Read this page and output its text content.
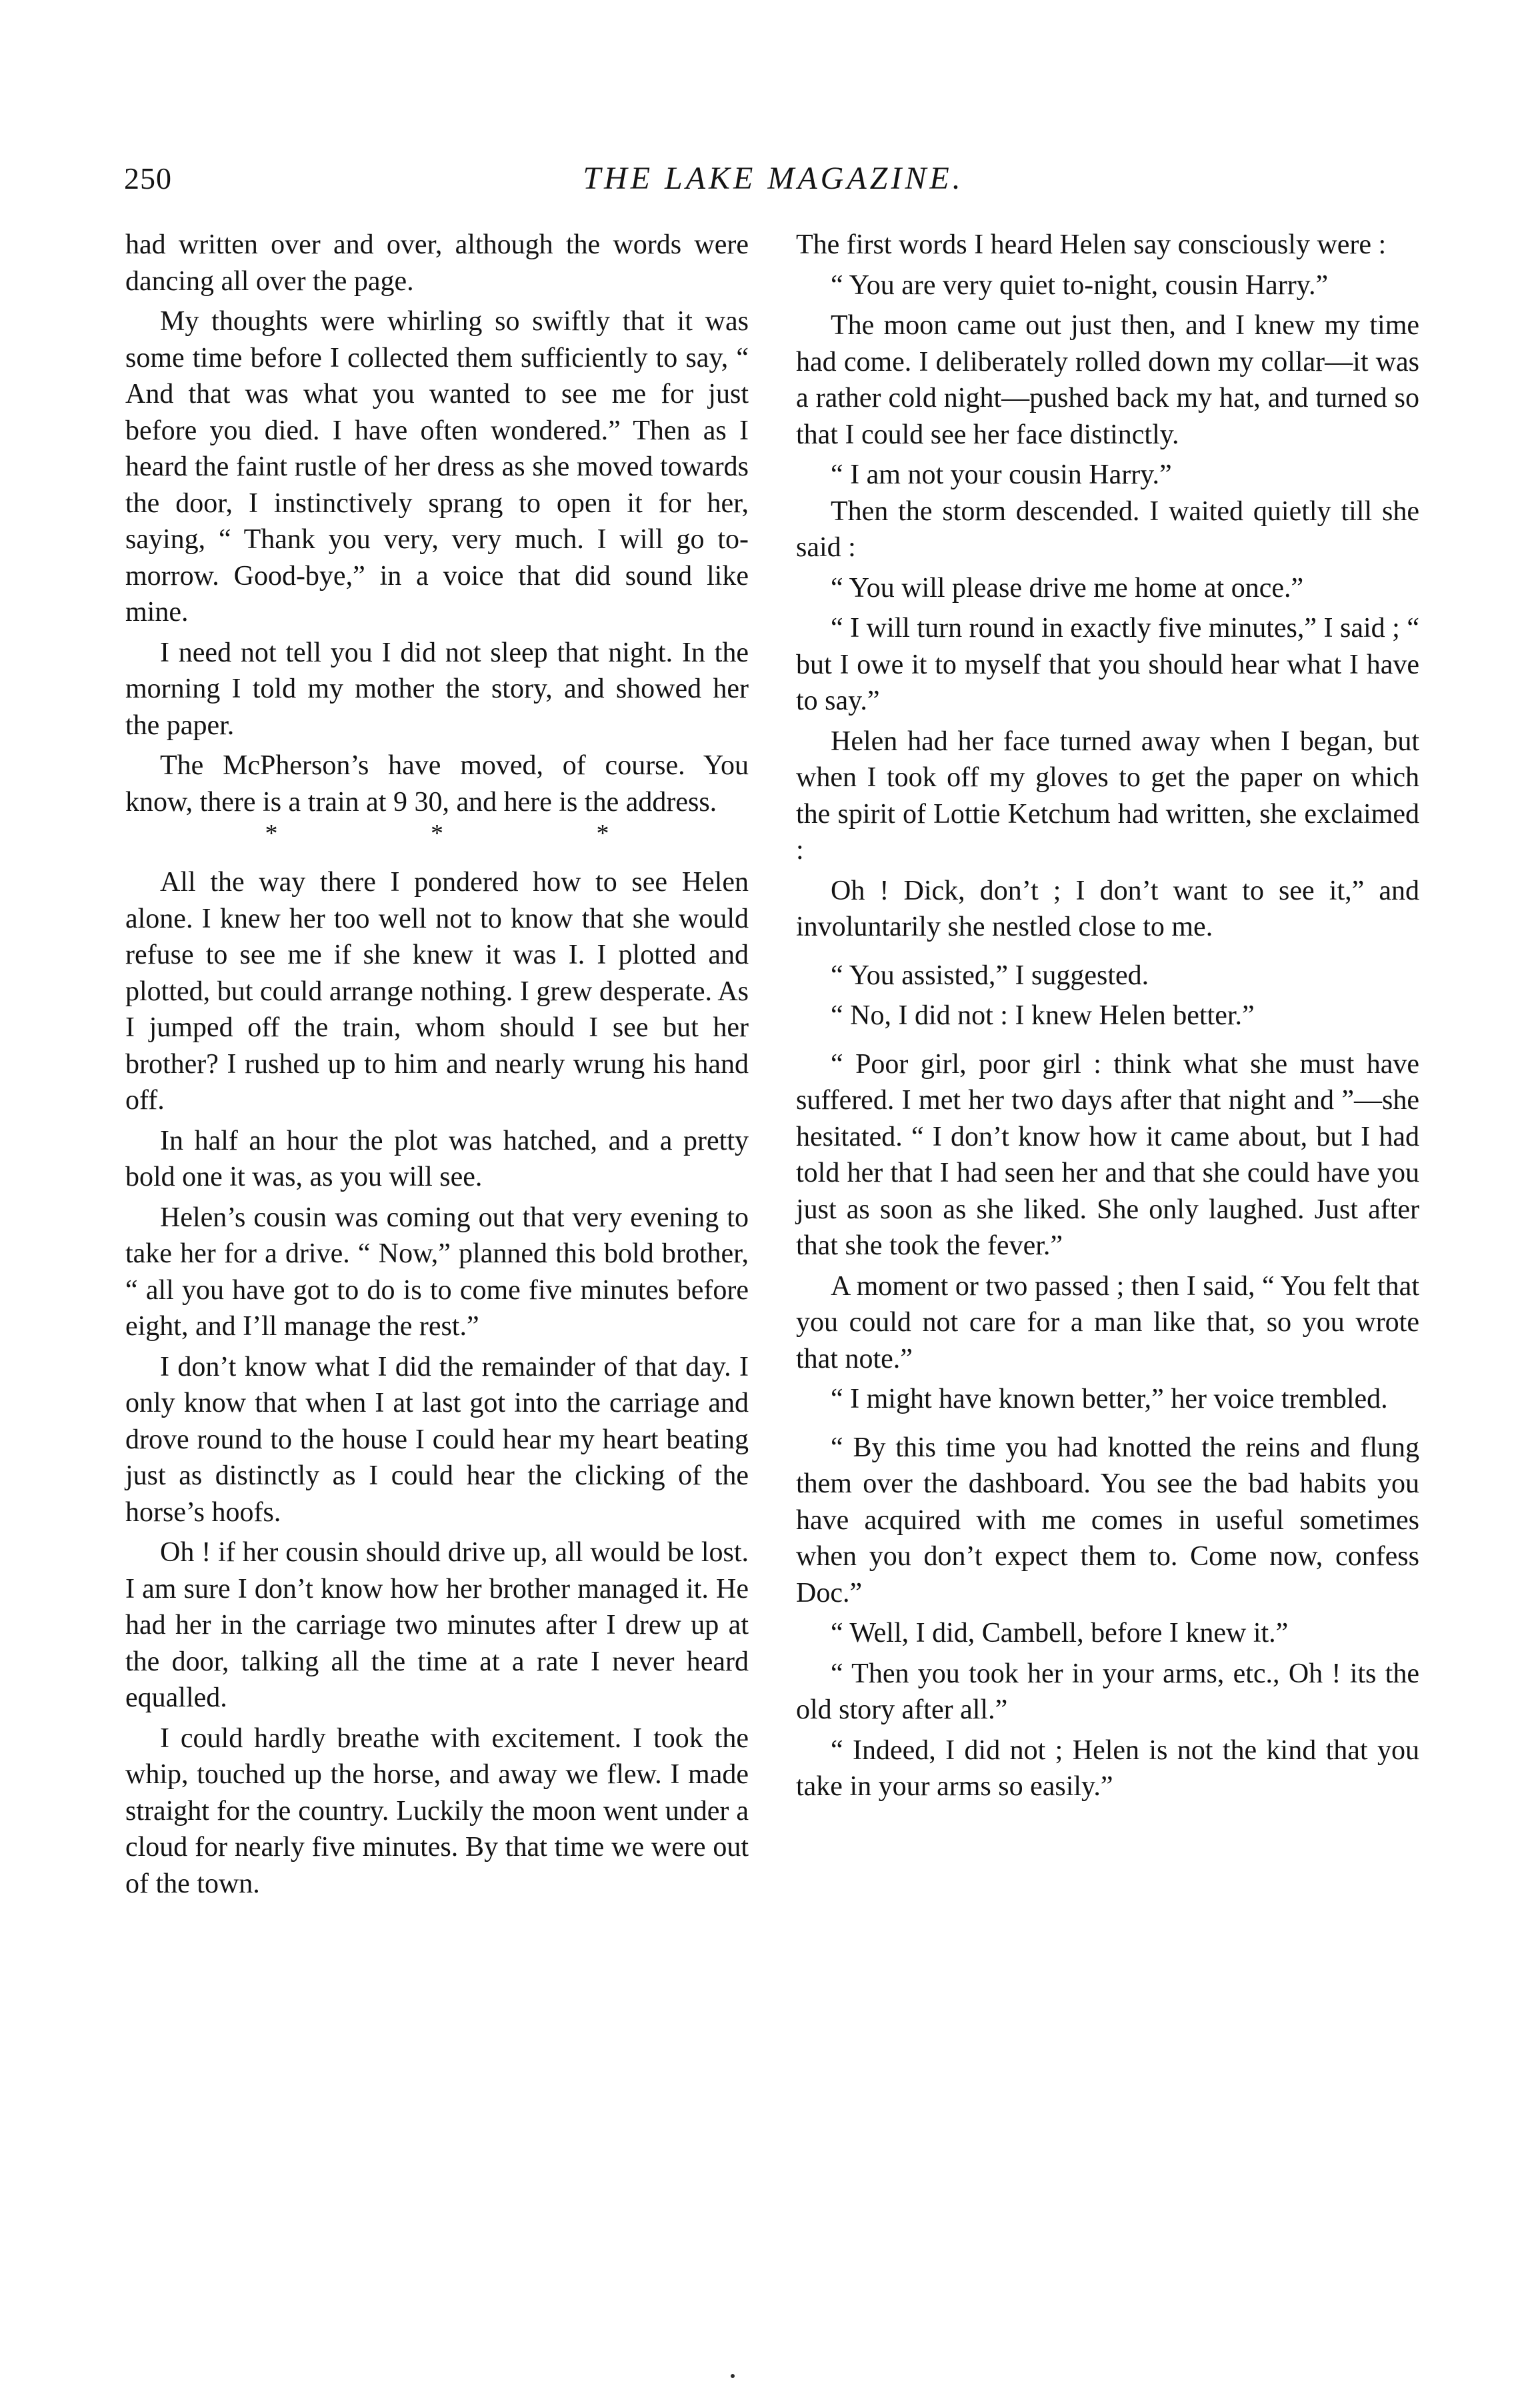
250	THE LAKE MAGAZINE.

had written over and over, although the words were dancing all over the page.

My thoughts were whirling so swiftly that it was some time before I collected them sufficiently to say, “ And that was what you wanted to see me for just before you died. I have often wondered.” Then as I heard the faint rustle of her dress as she moved towards the door, I instinctively sprang to open it for her, saying, “ Thank you very, very much. I will go to-morrow. Good-bye,” in a voice that did sound like mine.

I need not tell you I did not sleep that night. In the morning I told my mother the story, and showed her the paper.

The McPherson’s have moved, of course. You know, there is a train at 9 30, and here is the address.

* * *

All the way there I pondered how to see Helen alone. I knew her too well not to know that she would refuse to see me if she knew it was I. I plotted and plotted, but could arrange nothing. I grew desperate. As I jumped off the train, whom should I see but her brother? I rushed up to him and nearly wrung his hand off.

In half an hour the plot was hatched, and a pretty bold one it was, as you will see.

Helen’s cousin was coming out that very evening to take her for a drive. “ Now,” planned this bold brother, “ all you have got to do is to come five minutes before eight, and I’ll manage the rest.”

I don’t know what I did the remainder of that day. I only know that when I at last got into the carriage and drove round to the house I could hear my heart beating just as distinctly as I could hear the clicking of the horse’s hoofs.

Oh ! if her cousin should drive up, all would be lost. I am sure I don’t know how her brother managed it. He had her in the carriage two minutes after I drew up at the door, talking all the time at a rate I never heard equalled.

I could hardly breathe with excitement. I took the whip, touched up the horse, and away we flew. I made straight for the country. Luckily the moon went under a cloud for nearly five minutes. By that time we were out of the town.

The first words I heard Helen say consciously were :

“ You are very quiet to-night, cousin Harry.”

The moon came out just then, and I knew my time had come. I deliberately rolled down my collar—it was a rather cold night—pushed back my hat, and turned so that I could see her face distinctly.

“ I am not your cousin Harry.”

Then the storm descended. I waited quietly till she said :

“ You will please drive me home at once.”

“ I will turn round in exactly five minutes,” I said ; “ but I owe it to myself that you should hear what I have to say.”

Helen had her face turned away when I began, but when I took off my gloves to get the paper on which the spirit of Lottie Ketchum had written, she exclaimed :

Oh ! Dick, don’t ; I don’t want to see it,” and involuntarily she nestled close to me.

“ You assisted,” I suggested.

“ No, I did not : I knew Helen better.”

“ Poor girl, poor girl : think what she must have suffered. I met her two days after that night and ”—she hesitated. “ I don’t know how it came about, but I had told her that I had seen her and that she could have you just as soon as she liked. She only laughed. Just after that she took the fever.”

A moment or two passed ; then I said, “ You felt that you could not care for a man like that, so you wrote that note.”

“ I might have known better,” her voice trembled.

“ By this time you had knotted the reins and flung them over the dashboard. You see the bad habits you have acquired with me comes in useful sometimes when you don’t expect them to. Come now, confess Doc.”

“ Well, I did, Cambell, before I knew it.”

“ Then you took her in your arms, etc., Oh ! its the old story after all.”

“ Indeed, I did not ; Helen is not the kind that you take in your arms so easily.”
